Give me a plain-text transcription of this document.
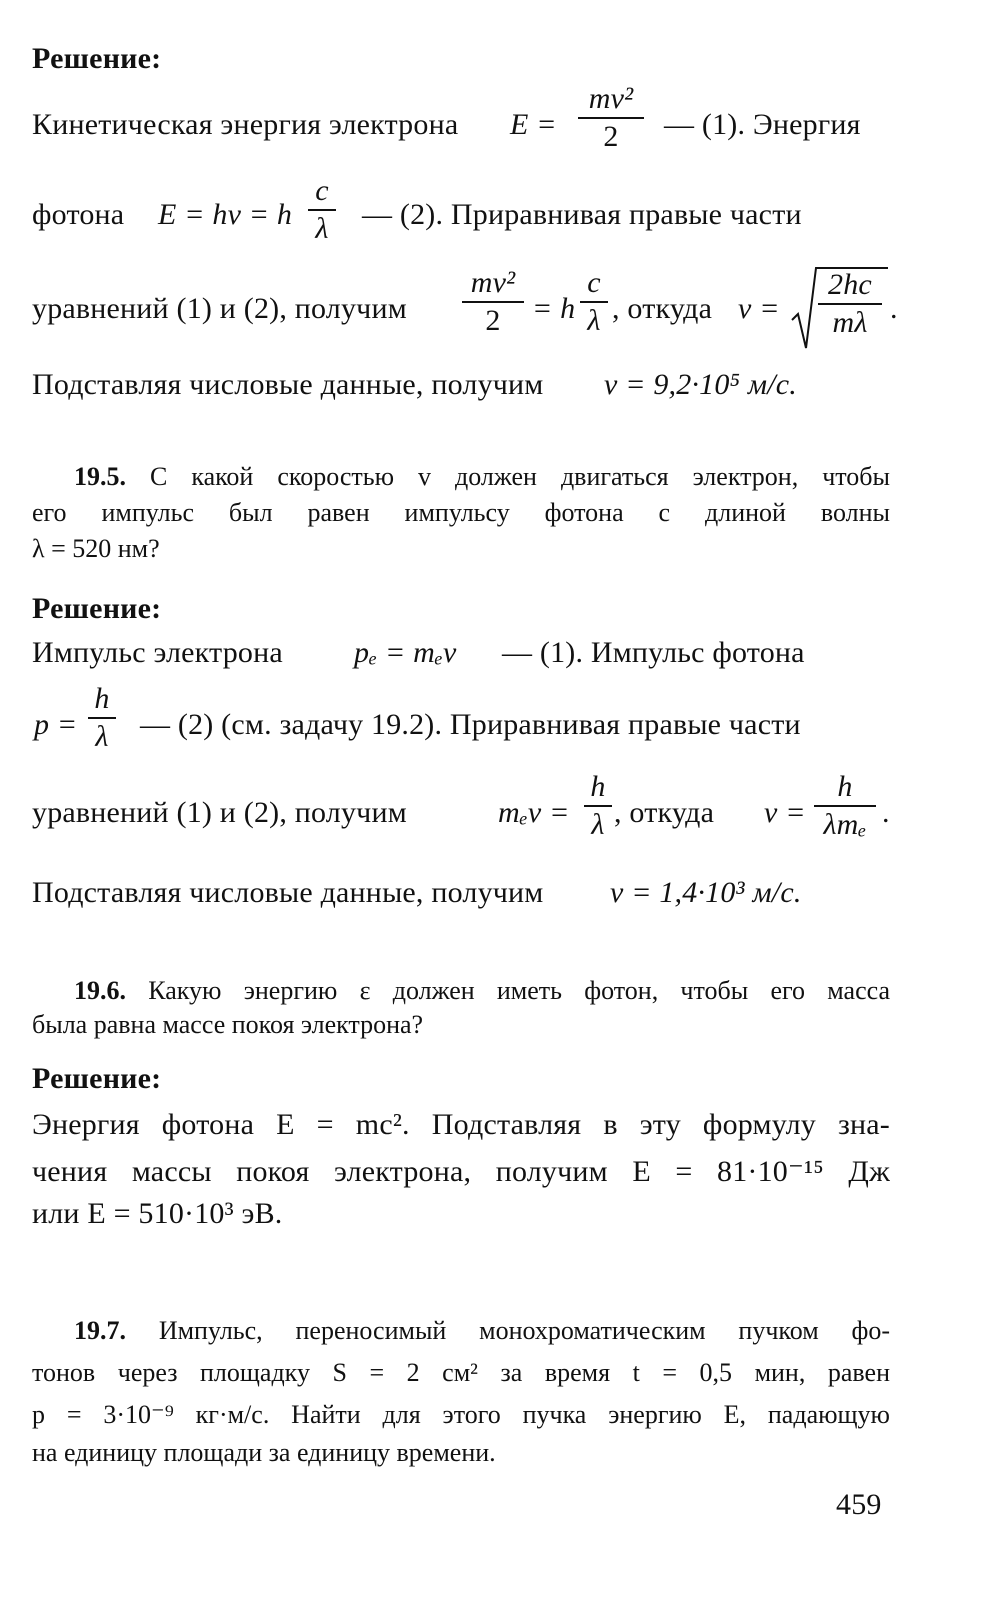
Решение:
Кинетическая энергия электрона E =
mv²
2	— (1). Энергия
фотона E = hν = h
c
λ — (2). Приравнивая правые части
уравнений (1) и (2), получим
mv²
2	= h
c
λ , откуда v =
2hc
mλ .
Подставляя числовые данные, получим v = 9,2·10⁵ м/с.
19.5. С какой скоростью v должен двигаться электрон, чтобы
его импульс был равен импульсу фотона с длиной волны
λ = 520 нм?
Решение:
Импульс электрона pₑ = mₑv — (1). Импульс фотона
p =
h
λ — (2) (см. задачу 19.2). Приравнивая правые части
уравнений (1) и (2), получим	mₑv =
h
λ , откуда v =
h
λmₑ .
Подставляя числовые данные, получим v = 1,4·10³ м/с.
19.6. Какую энергию ε должен иметь фотон, чтобы его масса
была равна массе покоя электрона?
Решение:
Энергия фотона E = mc². Подставляя в эту формулу зна-
чения массы покоя электрона, получим E = 81·10⁻¹⁵ Дж
или E = 510·10³ эВ.
19.7. Импульс, переносимый монохроматическим пучком фо-
тонов через площадку S = 2 см² за время t = 0,5 мин, равен
p = 3·10⁻⁹ кг·м/с. Найти для этого пучка энергию E, падающую
на единицу площади за единицу времени.
459
